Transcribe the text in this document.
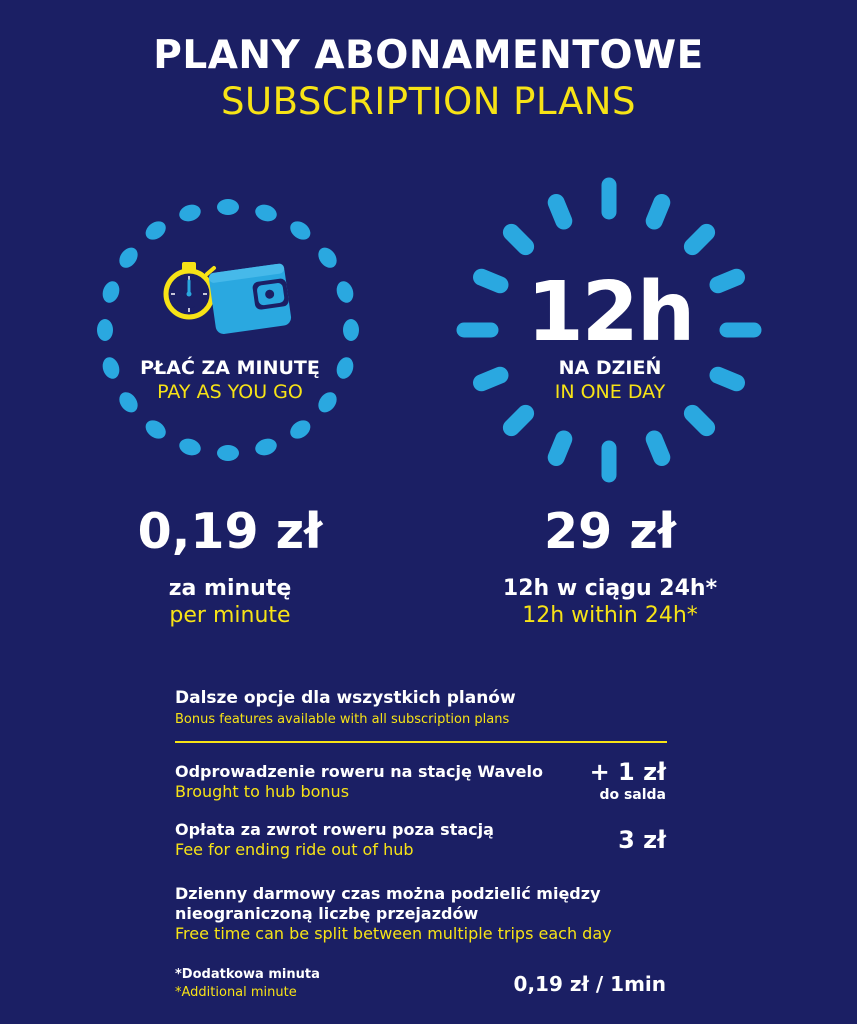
PLANY ABONAMENTOWE
SUBSCRIPTION PLANS
PŁAĆ ZA MINUTĘ
PAY AS YOU GO
12h
NA DZIEŃ
IN ONE DAY
0,19 zł
za minutę
per minute
29 zł
12h w ciągu 24h*
12h within 24h*
Dalsze opcje dla wszystkich planów
Bonus features available with all subscription plans
Odprowadzenie roweru na stację Wavelo
Brought to hub bonus
+ 1 zł
do salda
Opłata za zwrot roweru poza stacją
Fee for ending ride out of hub	3 zł
Dzienny darmowy czas można podzielić między
nieograniczoną liczbę przejazdów
Free time can be split between multiple trips each day
*Dodatkowa minuta
*Additional minute	0,19 zł / 1min
